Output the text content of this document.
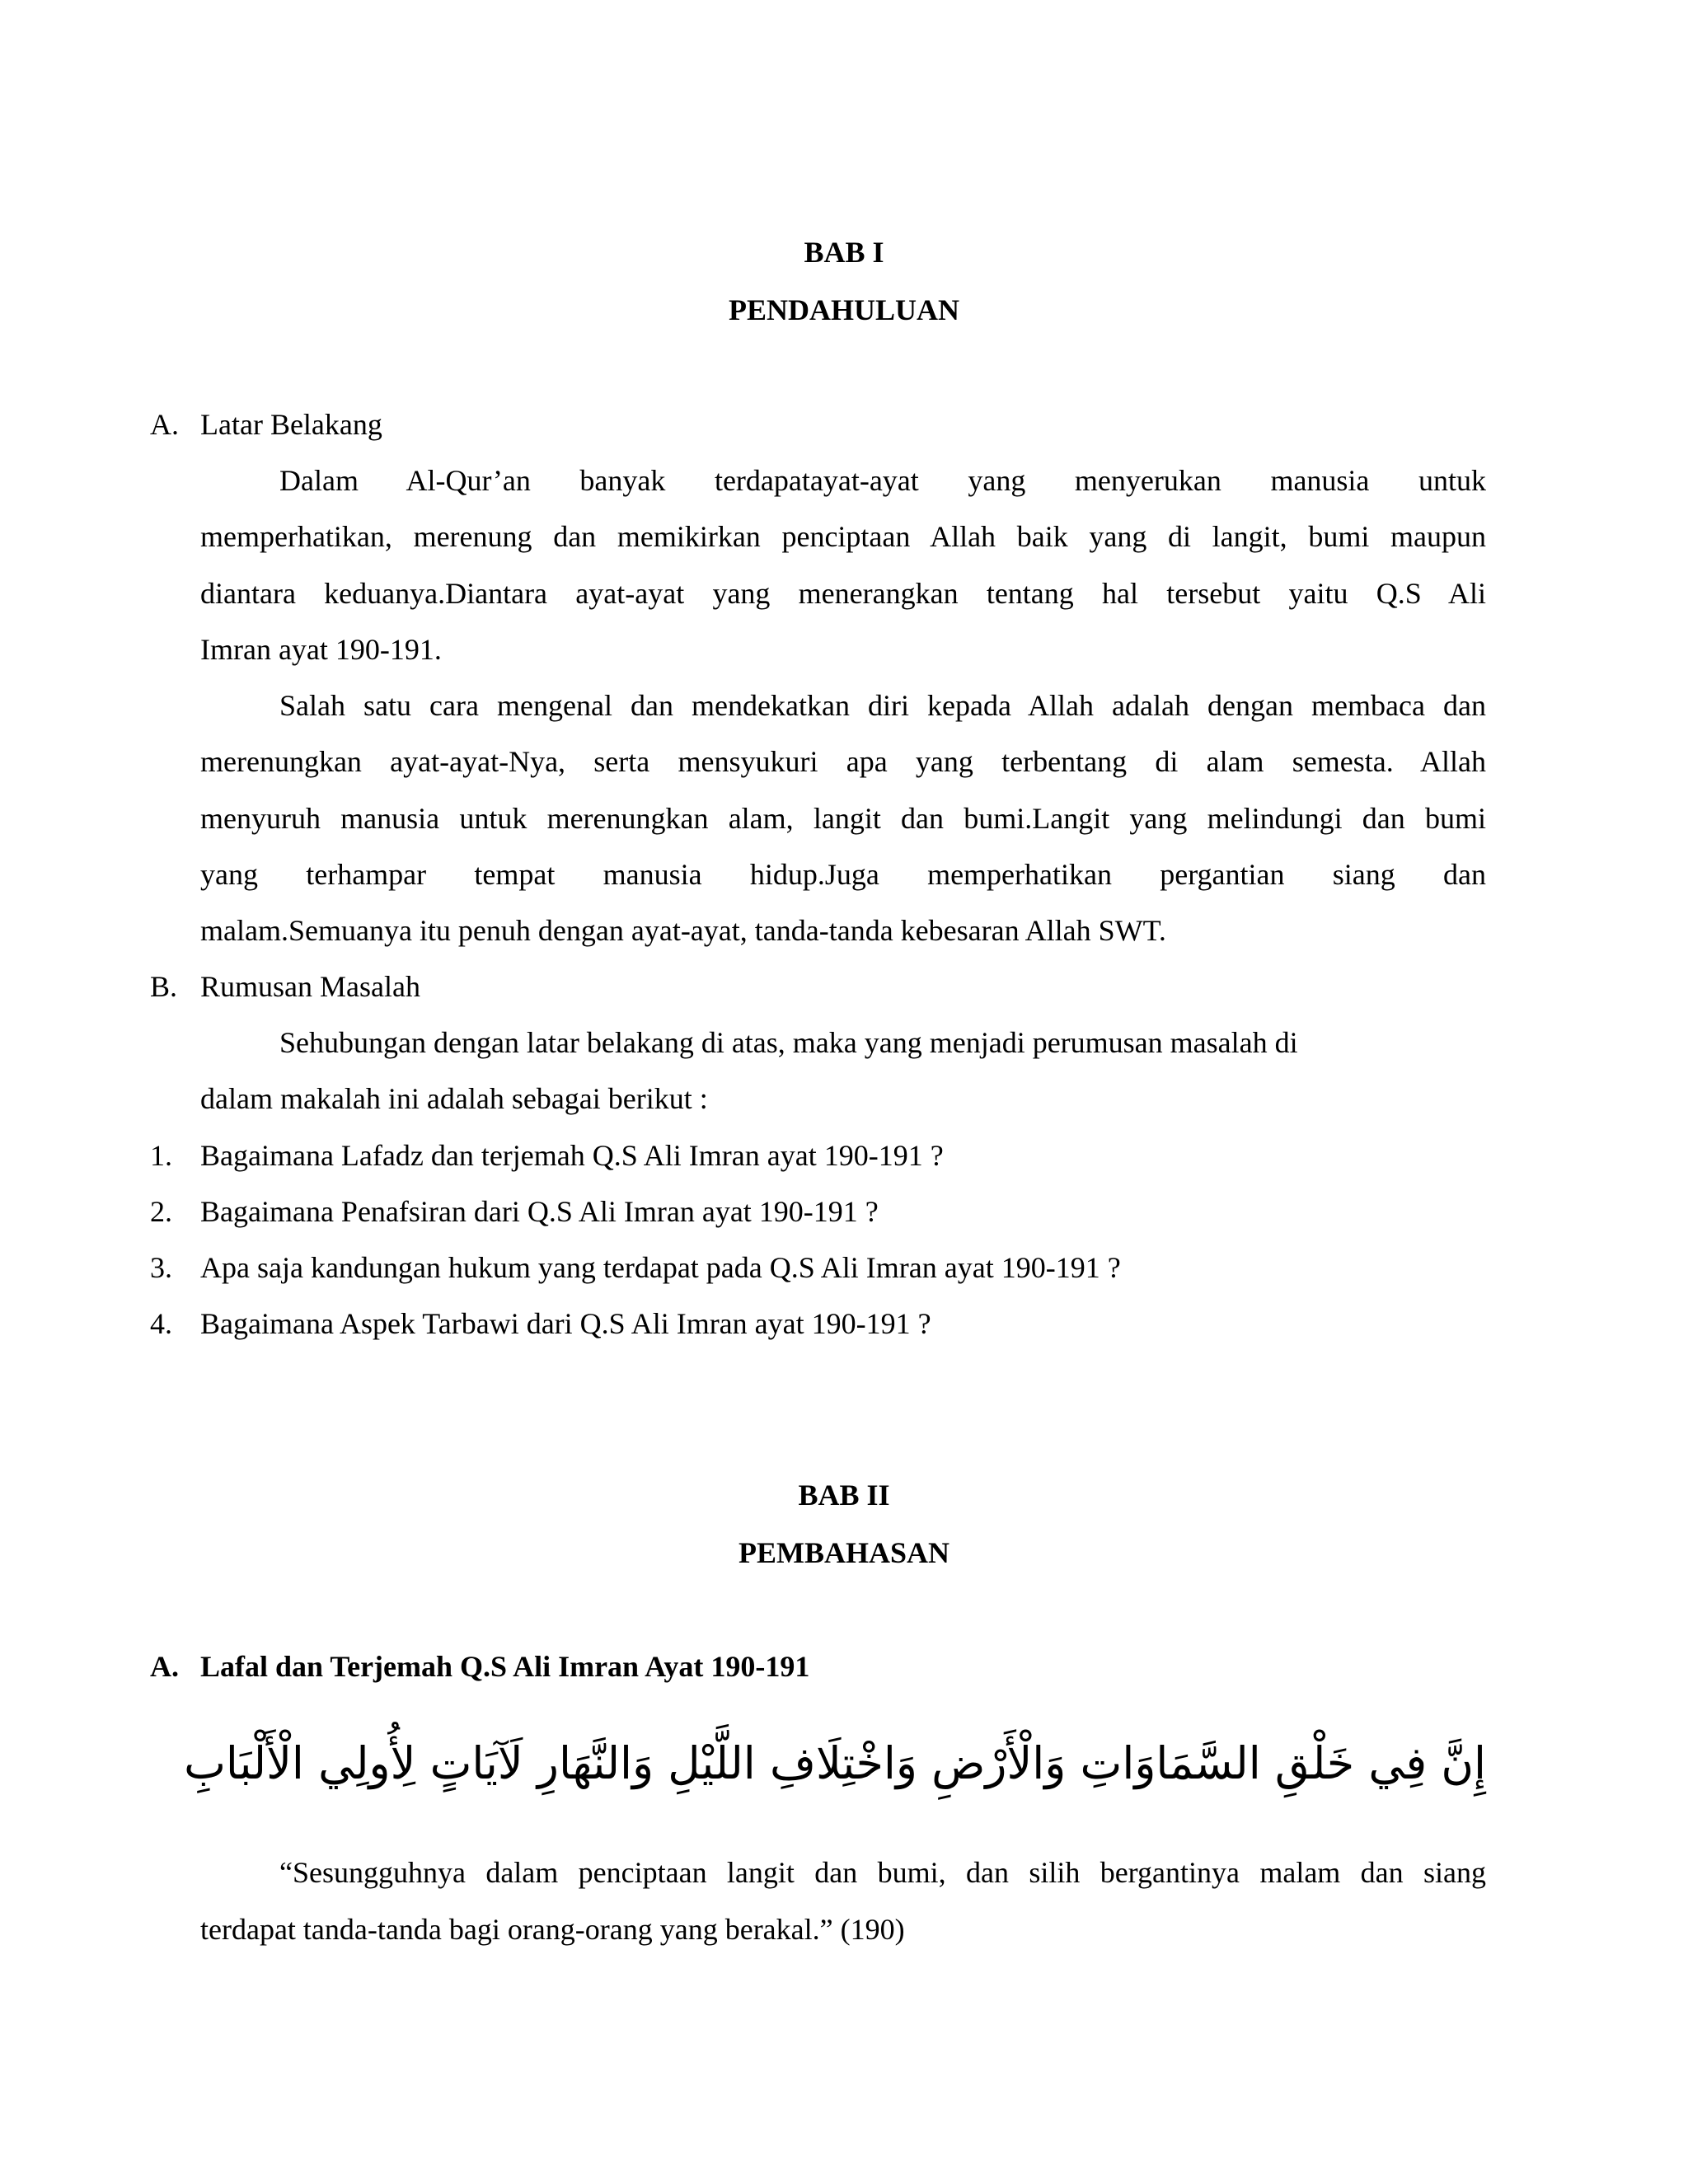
BAB I
PENDAHULUAN
A. Latar Belakang
Dalam Al-Qur’an banyak terdapatayat-ayat yang menyerukan manusia untuk
memperhatikan, merenung dan memikirkan penciptaan Allah baik yang di langit, bumi maupun
diantara keduanya.Diantara ayat-ayat yang menerangkan tentang hal tersebut yaitu Q.S Ali
Imran ayat 190-191.
Salah satu cara mengenal dan mendekatkan diri kepada Allah adalah dengan membaca dan
merenungkan ayat-ayat-Nya, serta mensyukuri apa yang terbentang di alam semesta. Allah
menyuruh manusia untuk merenungkan alam, langit dan bumi.Langit yang melindungi dan bumi
yang terhampar tempat manusia hidup.Juga memperhatikan pergantian siang dan
malam.Semuanya itu penuh dengan ayat-ayat, tanda-tanda kebesaran Allah SWT.
B. Rumusan Masalah
Sehubungan dengan latar belakang di atas, maka yang menjadi perumusan masalah di
dalam makalah ini adalah sebagai berikut :
1. Bagaimana Lafadz dan terjemah Q.S Ali Imran ayat 190-191 ?
2. Bagaimana Penafsiran dari Q.S Ali Imran ayat 190-191 ?
3. Apa saja kandungan hukum yang terdapat pada Q.S Ali Imran ayat 190-191 ?
4. Bagaimana Aspek Tarbawi dari Q.S Ali Imran ayat 190-191 ?
BAB II
PEMBAHASAN
A. Lafal dan Terjemah Q.S Ali Imran Ayat 190-191
إِنَّ فِي خَلْقِ السَّمَاوَاتِ وَالْأَرْضِ وَاخْتِلَافِ اللَّيْلِ وَالنَّهَارِ لَآيَاتٍ لِأُولِي الْأَلْبَابِ
“Sesungguhnya dalam penciptaan langit dan bumi, dan silih bergantinya malam dan siang
terdapat tanda-tanda bagi orang-orang yang berakal.” (190)
